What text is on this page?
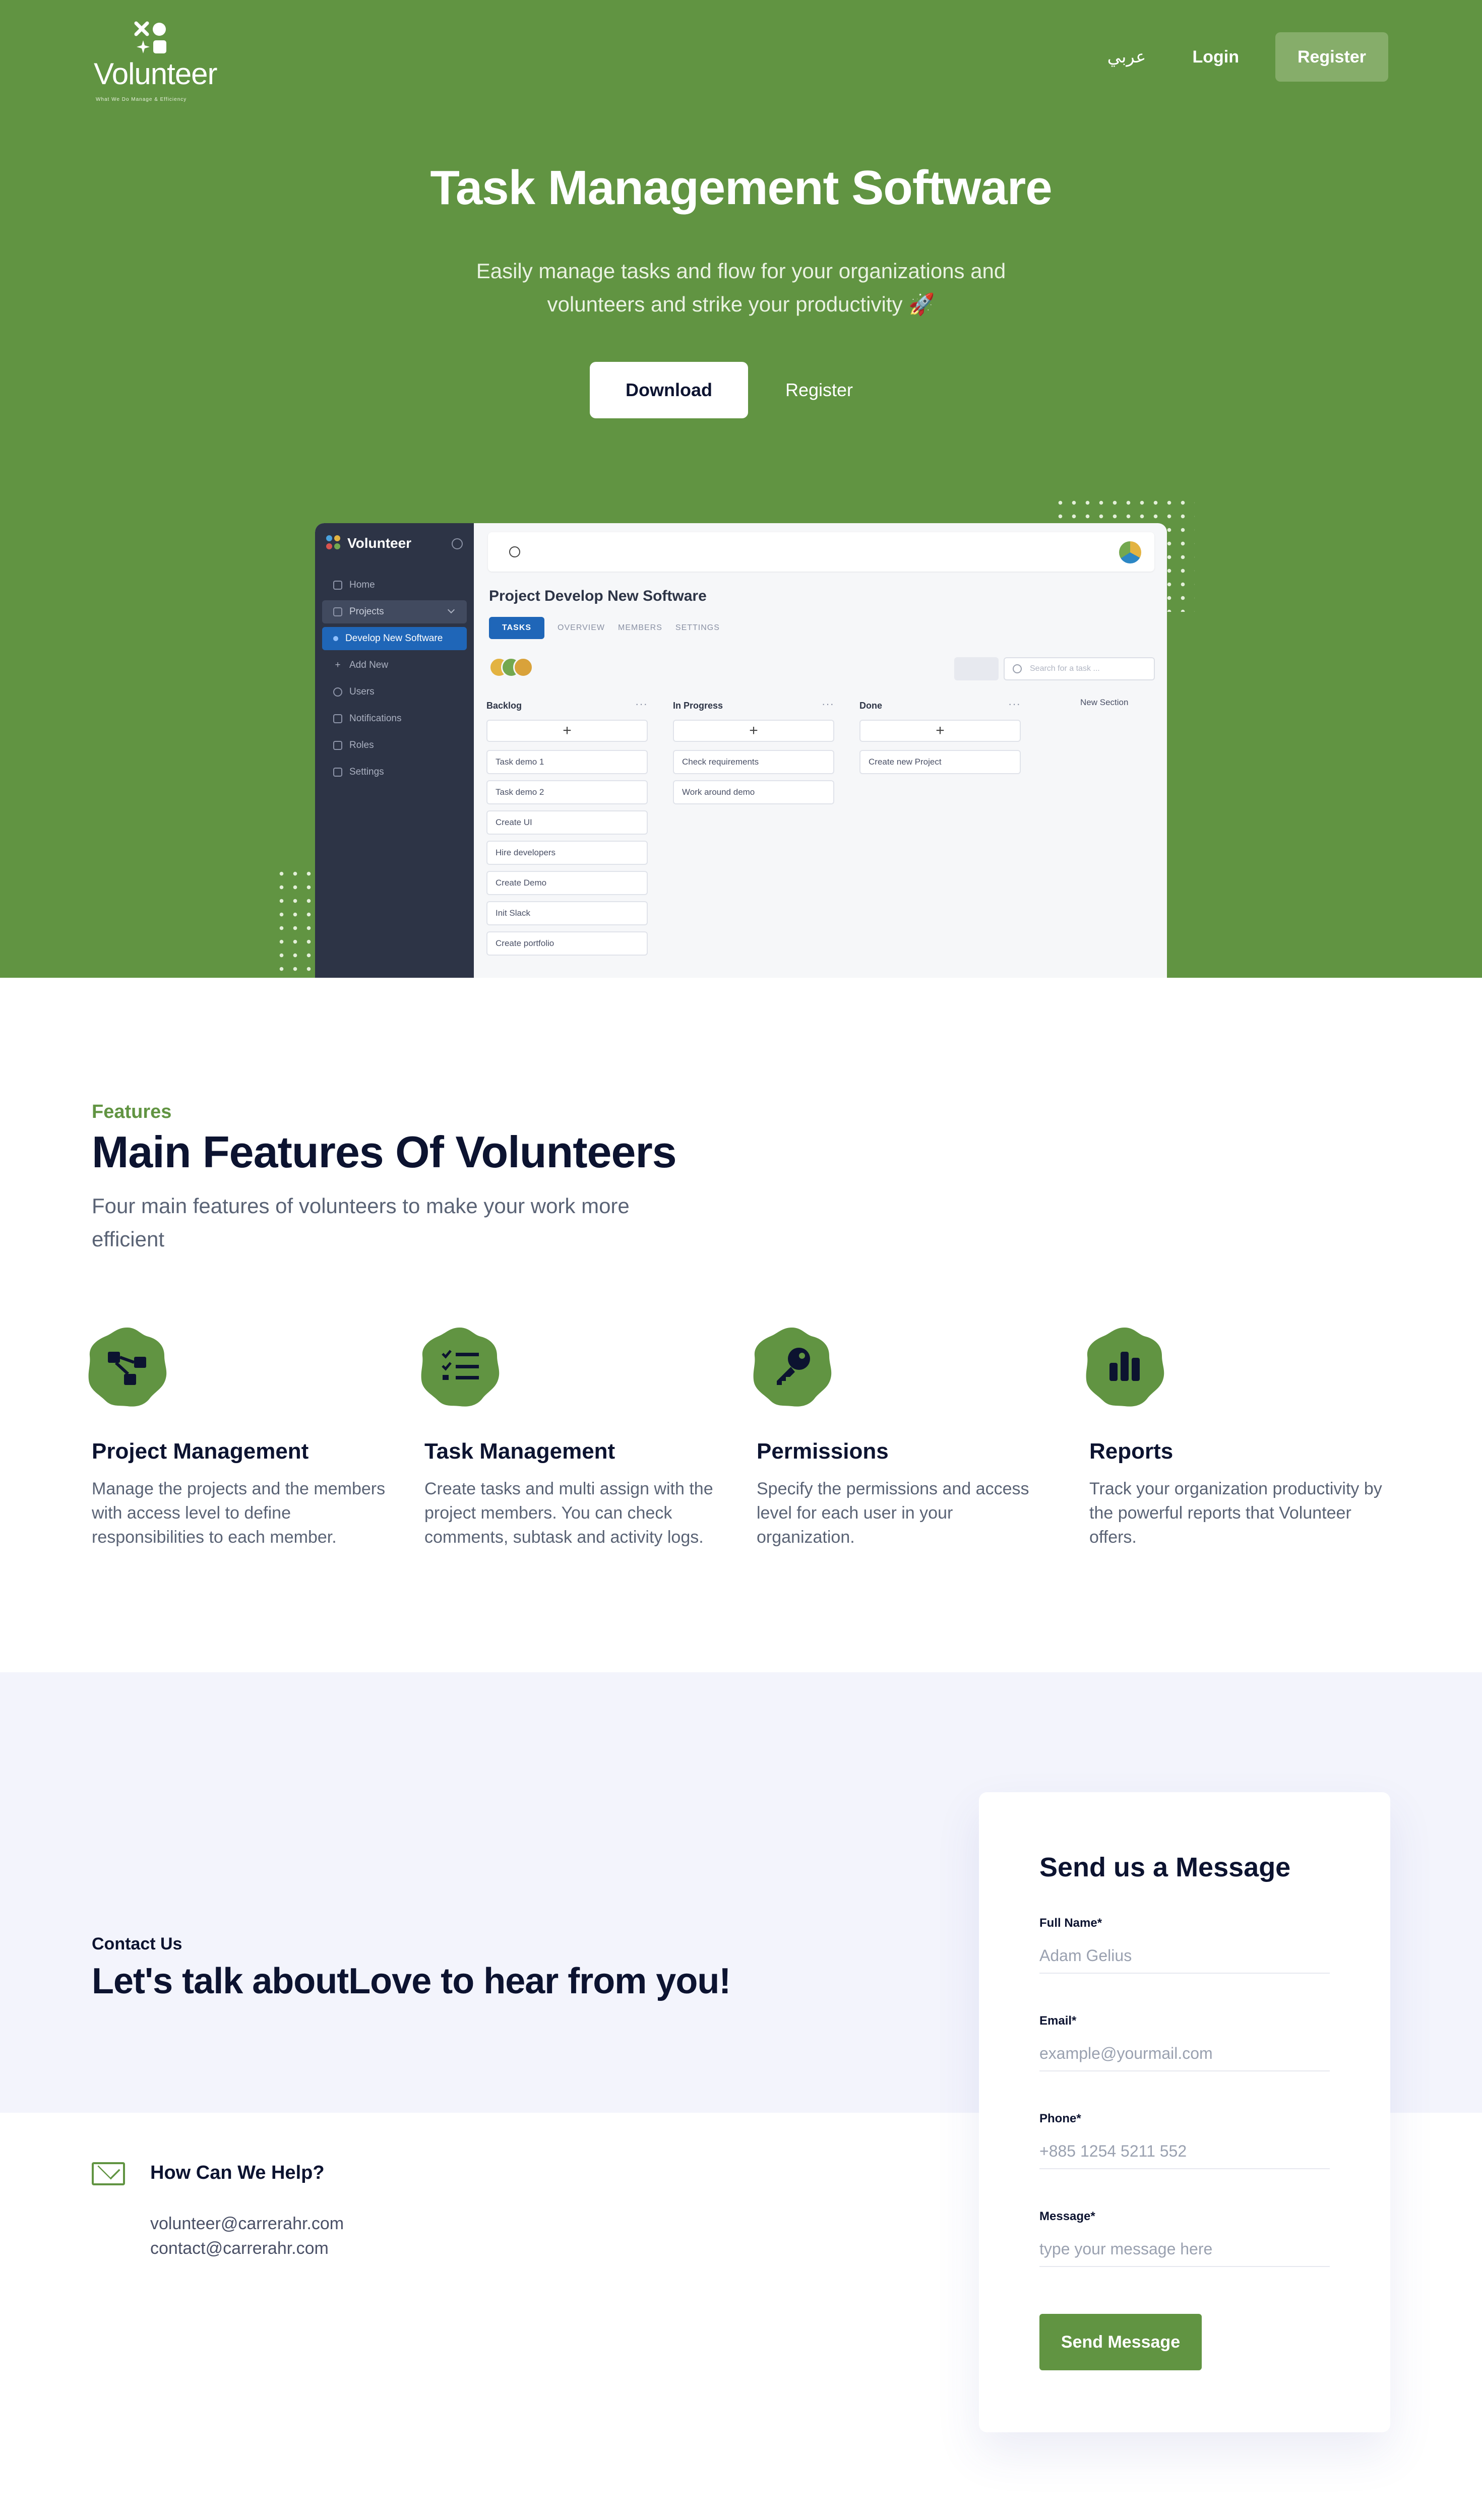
Volunteer
What We Do Manage & Efficiency
عربي	Login	Register
Task Management Software

Easily manage tasks and flow for your organizations and volunteers and strike your productivity 🚀

Download	Register
Volunteer
Home
Projects
Develop New Software
+ Add New
Users
Notifications
Roles
Settings
Project Develop New Software
TASKS	OVERVIEW MEMBERS SETTINGS
Search for a task ...
New Section
Backlog	···
+
Task demo 1
Task demo 2
Create UI
Hire developers
Create Demo
Init Slack
Create portfolio
In Progress	···
+
Check requirements
Work around demo
Done	···
+
Create new Project
Features
Main Features Of Volunteers

Four main features of volunteers to make your work more efficient

Project Management

Manage the projects and the members with access level to define responsibilities to each member.

Task Management

Create tasks and multi assign with the project members. You can check comments, subtask and activity logs.

Permissions

Specify the permissions and access level for each user in your organization.

Reports

Track your organization productivity by the powerful reports that Volunteer offers.

Contact Us
Let's talk aboutLove to hear from you!
How Can We Help?
volunteer@carrerahr.com
contact@carrerahr.com
Send us a Message
Full Name*
Adam Gelius
Email*
example@yourmail.com
Phone*
+885 1254 5211 552
Message*
type your message here
Send Message
